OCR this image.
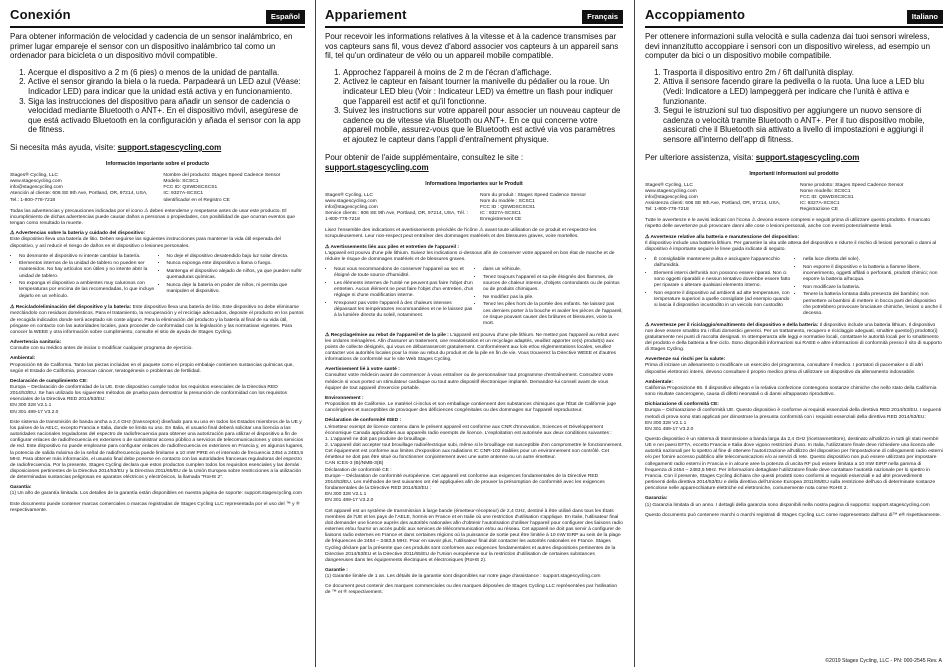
Conexión	Español
Para obtener información de velocidad y cadencia de un sensor inalámbrico, en primer lugar empareje el sensor con un dispositivo inalámbrico tal como un ordenador para bicicleta o un dispositivo móvil compatible.
1. Acerque el dispositivo a 2 m (6 pies) o menos de la unidad de pantalla.
2. Active el sensor girando la biela o la rueda. Parpadeará un LED azul (Véase: Indicador LED) para indicar que la unidad está activa y en funcionamiento.
3. Siga las instrucciones del dispositivo para añadir un sensor de cadencia o velocidad mediante Bluetooth o ANT+. En el dispositivo móvil, asegúrese de que está activado Bluetooth en la configuración y añada el sensor con la app de fitness.
Si necesita más ayuda, visite: support.stagescycling.com
Información importante sobre el producto
Stages® Cycling, LLC
www.stagescycling.com
info@stagescycling.com
Atención al cliente: 606 SE 9th Ave, Portland, OR, 97214, USA, Tel.: 1-800-778-7218
Nombre del producto: Stages Speed Cadence Sensor
Modelo: SCSC1
FCC ID: QSWDSCSCS1
IC: 9327A-SCSC1
Identificador en el Registro CE

Todas las advertencias y precauciones indicadas por el icono ⚠ deben entenderse y respetarse antes de usar este producto. El incumplimiento de dichas advertencias puede causar daños a personas o propiedades, con posibilidad de que ocurran eventos que tengan como resultado la muerte.

⚠ Advertencias sobre la batería y cuidado del dispositivo:

Este dispositivo lleva una batería de litio. Deben seguirse las siguientes instrucciones para mantener la vida útil esperada del dispositivo, y así reducir el riesgo de daños en el dispositivo o lesiones personales.

• No desmonte el dispositivo ni intente cambiar la batería.
• Elementos internos de la unidad de tablero no pueden ser mantenidos. No hay artículos son útiles y no intente abrir la unidad de tablero.
• No exponga el dispositivo a ambientes muy calurosos con temperaturas por encima de las recomendadas, lo que incluye dejarlo en un vehículo.
• No deje el dispositivo desatendido bajo luz solar directa.
• Nunca exponga este dispositivo a llama o fuego.
• Mantenga el dispositivo alejado de niños, ya que pueden sufrir quemaduras químicas.
• Nunca deje la batería en poder de niños, ni permita que manipulen el dispositivo.

⚠ Reciclado/eliminación del dispositivo y la batería: Este dispositivo lleva una batería de litio. Este dispositivo no debe eliminarse mezclándolo con residuos domésticos. Para el tratamiento, la recuperación y el reciclaje adecuados, deposite el producto en los puntos de recogida indicados donde será aceptado sin coste alguno. Para la eliminación del producto y la batería al final de su vida útil, póngase en contacto con las autoridades locales, para proceder de conformidad con la legislación y las normativas vigentes. Para conocer la WEEE y otra información sobre cumplimiento, consulte el sitio de ayuda de Stages Cycling.

Advertencia sanitaria:

Consulte con su médico antes de iniciar o modificar cualquier programa de ejercicio.

Ambiental:

Proposición 65 de California. Tanto las piezas incluidas en el paquete como el propio embalaje contienen sustancias químicas que, según el Estado de California, provocan cáncer, teratogénesis o problemas de fertilidad.

Declaración de cumplimiento CE:

Europa – Declaración de conformidad de la UE. Este dispositivo cumple todos los requisitos esenciales de la Directiva RED 2014/53/EU. Se han utilizado los siguientes métodos de prueba para demostrar la presunción de conformidad con los requisitos esenciales de la Directiva RED 2014/53/EU:
EN 300 328 V2.1.1
EN 301 489-17 V3.2.0

Este sistema de transmisión de banda ancha a 2,4 GHz (transceptor) diseñado para su uso en todos los Estados miembros de la UE y los países de la AELC, excepto Francia e Italia, donde se limita su uso. En Italia, el usuario final deberá solicitar una licencia a las autoridades nacionales reguladoras del espectro de radiofrecuencia para obtener una autorización para utilizar el dispositivo a fin de configurar enlaces de radiofrecuencia en exteriores o de suministrar acceso público a servicios de telecomunicaciones y otros servicios de red. Este dispositivo no puede emplearse para configurar enlaces de radiofrecuencia en exteriores en Francia y, en algunos lugares, la potencia de salida máxima de la señal de radiofrecuencia puede limitarse a 10 mW PIRE en el intervalo de frecuencia 2454 a 2483,5 MHz. Para obtener más información, el usuario final debe ponerse en contacto con las autoridades francesas reguladoras del espectro de radiofrecuencia. Por la presente, Stages Cycling declara que estos productos cumplen todos los requisitos esenciales y las demás disposiciones pertinentes de la Directiva 2014/53/EU y la Directiva 2011/65/EU de la Unión Europea sobre restricciones a la utilización de determinadas sustancias peligrosas en aparatos eléctricos y electrónicos, la llamada "RoHS 2".

Garantía:

(1) Un año de garantía limitada. Los detalles de la garantía están disponibles en nuestra página de soporte: support.stagescycling.com

Este documento puede contener marcas comerciales o marcas registradas de Stages Cycling LLC representada por el uso del ™ y ® respectivamente.

Appariement	Français
Pour recevoir les informations relatives à la vitesse et à la cadence transmises par vos capteurs sans fil, vous devez d'abord associer vos capteurs à un appareil sans fil, tel qu'un ordinateur de vélo ou un appareil mobile compatible.
1. Approchez l'appareil à moins de 2 m de l'écran d'affichage.
2. Activez le capteur en faisant tourner la manivelle du pédalier ou la roue. Un indicateur LED bleu (Voir : Indicateur LED) va émettre un flash pour indiquer que l'appareil est actif et qu'il fonctionne.
3. Suivez les instructions sur votre appareil pour associer un nouveau capteur de cadence ou de vitesse via Bluetooth ou ANT+. En ce qui concerne votre appareil mobile, assurez-vous que le Bluetooth est activé via vos paramètres et ajoutez le capteur dans l'appli d'entraînement physique.
Pour obtenir de l'aide supplémentaire, consultez le site : support.stagescycling.com
Informations Importantes sur le Produit
Stages® Cycling, LLC
www.stagescycling.com
info@stagescycling.com
Service clients : 606 SE 9th Ave, Portland, OR, 97214, USA, Tél. : 1-800-778-7218
Nom du produit : Stages Speed Cadence Sensor
Nom du modèle : SCSC1
FCC ID : QSWDSCSCS1
IC : 9327A-SCSC1
Enregistrement CE

Lisez l'ensemble des indications et avertissements précédés de l'icône ⚠ avant toute utilisation de ce produit et respectez-les scrupuleusement. Leur non-respect peut entraîner des dommages matériels et des blessures graves, voire mortelles.

⚠ Avertissements liés aux piles et entretien de l'appareil :

L'appareil est pourvu d'une pile lithium. Suivez les indications ci-dessous afin de conserver votre appareil en bon état de marche et de réduire le risque de dommages matériels et de blessures graves.

• Nous vous recommandons de conserver l'appareil au sec et éloigné de toute source d'humidité.
• Les éléments internes de l'unité ne peuvent pas faire l'objet d'un entretien. Aucun élément ne peut faire l'objet d'un entretien, d'un réglage ni d'une modification interne.
• N'exposez pas votre l'appareil à des chaleurs intenses dépassant les températures recommandées et ne le laissez pas à la lumière directe du soleil, notamment.
• dans un véhicule.
• Tenez toujours l'appareil et sa pile éloignés des flammes, de sources de chaleur intense, d'objets contondants ou de pointus ou de produits chimiques.
• Ne modifiez pas la pile.
• Tenez les piles hors de la portée des enfants. Ne laissez pas ces derniers porter à la bouche et avaler les pièces de l'appareil, ce risque pouvant causer des brûlures et blessures, voire la mort.

⚠ Recyclage/mise au rebut de l'appareil et de la pile : L'appareil est pourvu d'une pile lithium. Ne mettez pas l'appareil au rebut avec les ordures ménagères. Afin d'assurer un traitement, une revalorisation et un recyclage adaptés, veuillez apporter ce(s) produit(s) aux points de collecte désignés, qui vous en débarrasseront gratuitement. Conformément aux lois et/ou réglementations locales, veuillez contacter vos autorités locales pour la mise au rebut du produit et de la pile en fin de vie. Vous trouverez la Directive WEEE et d'autres informations de conformité sur le site Web Stages Cycling.

Avertissement lié à votre santé :

Consultez votre médecin avant de commencer à vous entraîner ou de personnaliser tout programme d'entraînement. Consultez votre médecin si vous portez un stimulateur cardiaque ou tout autre dispositif électronique implanté. Demandez-lui conseil avant de vous équiper de tout appareil d'exercice portable.

Environnement :

Proposition 65 de Californie. Le matériel ci-inclus et son emballage contiennent des substances chimiques que l'État de Californie juge cancérigènes et susceptibles de provoquer des déficiences congénitales ou des dommages sur l'appareil reproducteur.

Déclaration de conformité ISED :

L'émetteur exempt de licence contenu dans le présent appareil est conforme aux CNR d'Innovation, Sciences et Développement économique Canada applicables aux appareils radio exempts de licence. L'exploitation est autorisée aux deux conditions suivantes :
1. L'appareil ne doit pas produire de brouillage.
2. L'appareil doit accepter tout brouillage radioélectrique subi, même si le brouillage est susceptible d'en compromettre le fonctionnement.
Cet équipement est conforme aux limites d'exposition aux radiations IC CNR-102 établies pour un environnement non contrôlé. Cet émetteur ne doit pas être situé ou fonctionner conjointement avec une autre antenne ou un autre émetteur.
CAN ICES-3 (B)/NMB-3(B)
Déclaration de conformité CE :
Europe – Déclaration de conformité européenne. Cet appareil est conforme aux exigences fondamentales de la Directive RED 2014/53/EU. Les méthodes de test suivantes ont été appliquées afin de prouver la présomption de conformité avec les exigences fondamentales de la Directive RED 2014/53/EU :
EN 300 328 V2.1.1
EN 301 489-17 V3.2.0

Cet appareil est un système de transmission à large bande (émetteur-récepteur) de 2,4 GHz, destiné à être utilisé dans tous les États membres de l'UE et les pays de l'AELE, hormis en France et en Italie où une restriction d'utilisation s'applique. En Italie, l'utilisateur final doit demander une licence auprès des autorités nationales afin d'obtenir l'autorisation d'utiliser l'appareil pour configurer des liaisons radio externes et/ou fournir un accès public aux services de télécommunication et/ou au réseau. Cet appareil ne doit pas servir à configurer de liaisons radio externes en France et dans certaines régions où la puissance de sortie peut être limitée à 10 mW EIRP au sein de la plage de fréquences de 2454 – 2483,5 MHz. Pour en savoir plus, l'utilisateur final doit contacter les autorités nationales en France. Stages Cycling déclare par la présente que ces produits sont conformes aux exigences fondamentales et autres dispositions pertinentes de la Directive 2014/53/EU et la Directive 2011/65/EU de l'Union européenne sur la restriction d'utilisation de certaines substances dangereuses dans les équipements électriques et électroniques (RoHS 2).

Garantie :

(1) Garantie limitée de 1 an. Les détails de la garantie sont disponibles sur notre page d'assistance : support.stagescycling.com

Ce document peut contenir des marques commerciales ou des marques déposées de Stages Cycling LLC représentées par l'utilisation de ™ et ® respectivement.

Accoppiamento	Italiano
Per ottenere informazioni sulla velocità e sulla cadenza dai tuoi sensori wireless, devi innanzitutto accoppiare i sensori con un dispositivo wireless, ad esempio un computer da bici o un dispositivo mobile compatibile.
1. Trasporta il dispositivo entro 2m / 6ft dall'unità display.
2. Attiva il sensore facendo girare la pedivella o la ruota. Una luce a LED blu (Vedi: Indicatore a LED) lampeggerà per indicare che l'unità è attiva e funzionante.
3. Segui le istruzioni sul tuo dispositivo per aggiungere un nuovo sensore di cadenza o velocità tramite Bluetooth o ANT+. Per il tuo dispositivo mobile, assicurati che il Bluetooth sia attivato a livello di impostazioni e aggiungi il sensore all'interno dell'app di fitness.
Per ulteriore assistenza, visita: support.stagescycling.com
Importanti informazioni sul prodotto
Stages® Cycling, LLC
www.stagescycling.com
info@stagescycling.com
Assistenza clienti: 606 SE 9th Ave, Portland, OR, 97214, USA, Tel: 1-800-778-7218
Nome prodotto: Stages Speed Cadence Sensor
Nome modello: SCSC1
FCC ID: QSWDSCSCS1
IC: 9327A-SCSC1
Registrazione CE

Tutte le avvertenze e le avvisi indicati con l'icona ⚠ devono essere compresi e seguiti prima di utilizzare questo prodotto. Il mancato rispetto delle avvertenze può provocare danni alle cose o lesioni personali, anche con eventi potenzialmente letali.

⚠ Avvertenze relative alla batteria e manutenzione del dispositivo:

Il dispositivo include una batteria lithium. Per garantire la vita utile attesa del dispositivo e ridurre il rischio di lesioni personali o danni al dispositivo è importante seguire le linee guida indicate di seguito.

• È consigliabile mantenere pulita e asciugare l'apparecchio dall'umidità.
• Elementi interni dell'unità non possono essere riparati. Non ci sono oggetti riparabili e nessun tentativo dovrebbe essere fatto per riparare o alterare qualsiasi elemento interno.
• Non esporre il dispositivo ad ambienti ad alte temperature, con temperature superiori a quelle consigliate (ad esempio quando si lascia il dispositivo incustodito in un veicolo non custodito
• nella luce diretta del sole).
• Non esporre il dispositivo e la batteria a fiamme libere, incenerimento, oggetti affilati o perforanti, prodotti chimici; non esporre la batteria all'acqua.
• Non modificare la batteria.
• Tenere la batteria lontana dalla presenza dei bambini; non permettere ai bambini di mettere in bocca parti del dispositivo che potrebbero provocare bruciature chimiche, lesioni o anche il decesso.

⚠ Avvertenze per il riciclaggio/smaltimento del dispositivo e della batteria: Il dispositivo include una batteria lithium. Il dispositivo non deve essere smaltito tra i rifiuti domestici generici. Per un trattamento, recupero e riciclaggio adeguati, smaltire questo(i) prodotto(i) gratuitamente nei punti di raccolta designati. In ottemperanza alle leggi e normative locali, contattare le autorità locali per lo smaltimento del prodotto e della batteria a fine ciclo. Sono disponibili informazioni sui RAEE e altre informazioni di conformità presso il sito di supporto di Stages Cycling.

Avvertenze sui rischi per la salute:

Prima di iniziare un allenamento o modificare un esercizio del programma, consultare il medico. I portatori di pacemaker o di altri dispositivi elettronici interni, devono consultare il proprio medico prima di utilizzare un dispositivo da allenamento indossabile.

Ambientale:

California Proposizione 65. Il dispositivo allegato e la relativa confezione contengono sostanze chimiche che nello stato della California sono risultate cancerogene, causa di difetti neonatali o di danni all'apparato riproduttivo.

Dichiarazione di conformità CE:

Europa – Dichiarazione di conformità UE. Questo dispositivo è conforme ai requisiti essenziali della direttiva RED 2014/53/EU. I seguenti metodi di prova sono stati applicati per dimostrare la presunta conformità con i requisiti essenziali della direttiva RED 2014/53/EU:
EN 300 328 V2.1.1
EN 301 489-17 V3.2.0

Questo dispositivo è un sistema di trasmissione a banda larga da 2,4 GHz (ricetrasmettitore), destinato all'utilizzo in tutti gli stati membri UE e nei paesi EFTA, eccetto Francia e Italia dove vigono restrizioni d'uso. In Italia, l'utilizzatore finale deve richiedere una licenza alle autorità nazionali per lo spettro al fine di ottenere l'autorizzazione all'utilizzo del dispositivo per l'impostazione di collegamenti radio esterni e/o per fornire accesso pubblico alle telecomunicazioni e/o ai servizi di rete. Questo dispositivo non può essere utilizzato per impostare collegamenti radio esterni in Francia e in alcune aree la potenza di uscita RF può essere limitata a 10 mW EIRP nella gamma di frequenza di 2454 – 2483,5 MHz. Per informazioni dettagliate l'utilizzatore finale deve contattare l'autorità nazionale per lo spettro in Francia. Con il presente, Stages Cycling dichiara che questi prodotti sono conformi ai requisiti essenziali e ad altri provvedimenti pertinenti della direttiva 2014/53/EU e della direttiva dell'Unione Europea 2011/65/EU sulla restrizione dell'uso di determinate sostanze pericolose nelle apparecchiature elettriche ed elettroniche, comunemente nota come RoHS 2.

Garanzia:

(1) Garanzia limitata di un anno. I dettagli della garanzia sono disponibili nella nostra pagina di supporto: support.stagescycling.com

Questo documento può contenere marchi o marchi registrati di Stages Cycling LLC come rappresentato dall'uso di™ e® rispettivamente.

©2019 Stages Cycling, LLC - PN: 000-2545 Rev. A
